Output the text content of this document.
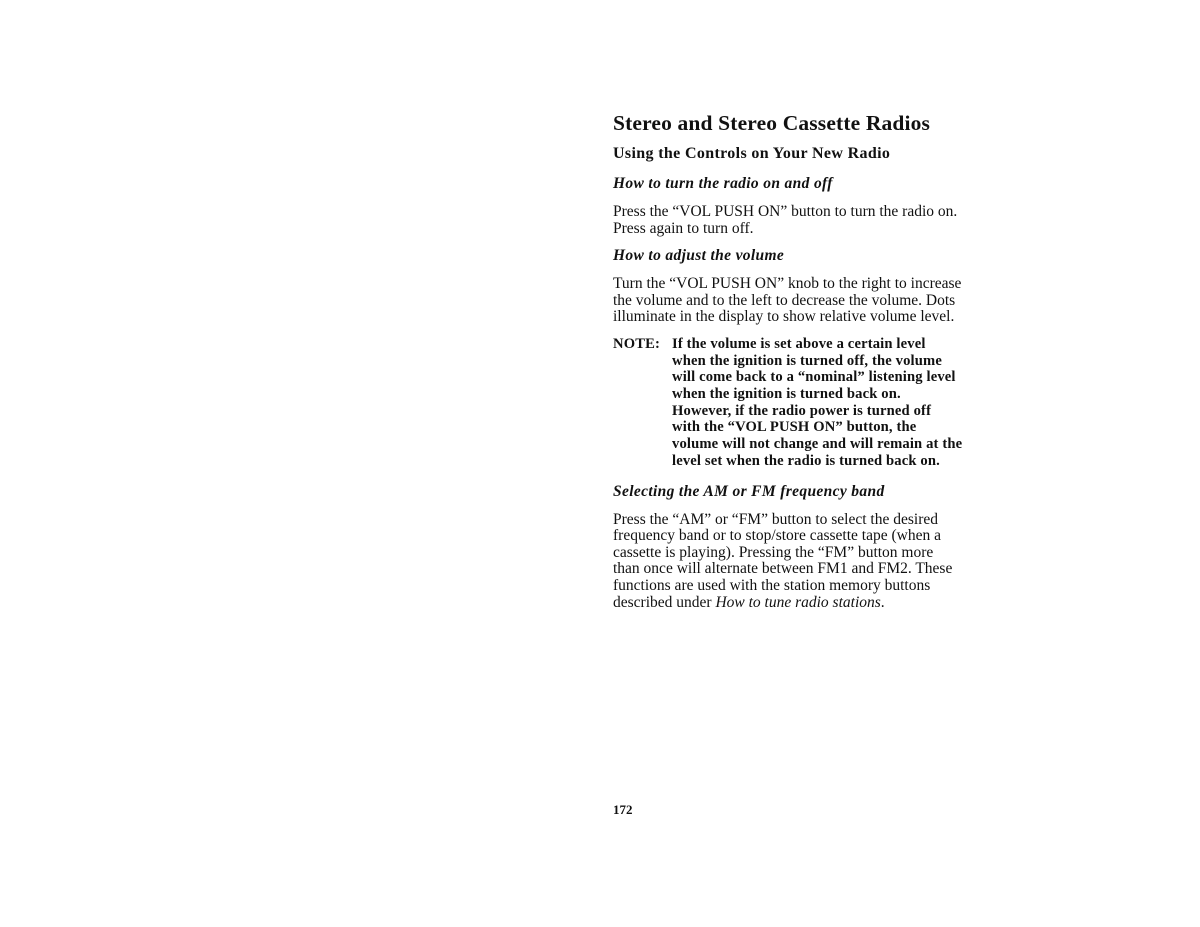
Stereo and Stereo Cassette Radios
Using the Controls on Your New Radio
How to turn the radio on and off

Press the “VOL PUSH ON” button to turn the radio on. Press again to turn off.

How to adjust the volume

Turn the “VOL PUSH ON” knob to the right to increase the volume and to the left to decrease the volume. Dots illuminate in the display to show relative volume level.

NOTE: If the volume is set above a certain level when the ignition is turned off, the volume will come back to a “nominal” listening level when the ignition is turned back on. However, if the radio power is turned off with the “VOL PUSH ON” button, the volume will not change and will remain at the level set when the radio is turned back on.
Selecting the AM or FM frequency band

Press the “AM” or “FM” button to select the desired frequency band or to stop/store cassette tape (when a cassette is playing). Pressing the “FM” button more than once will alternate between FM1 and FM2. These functions are used with the station memory buttons described under How to tune radio stations.

172
